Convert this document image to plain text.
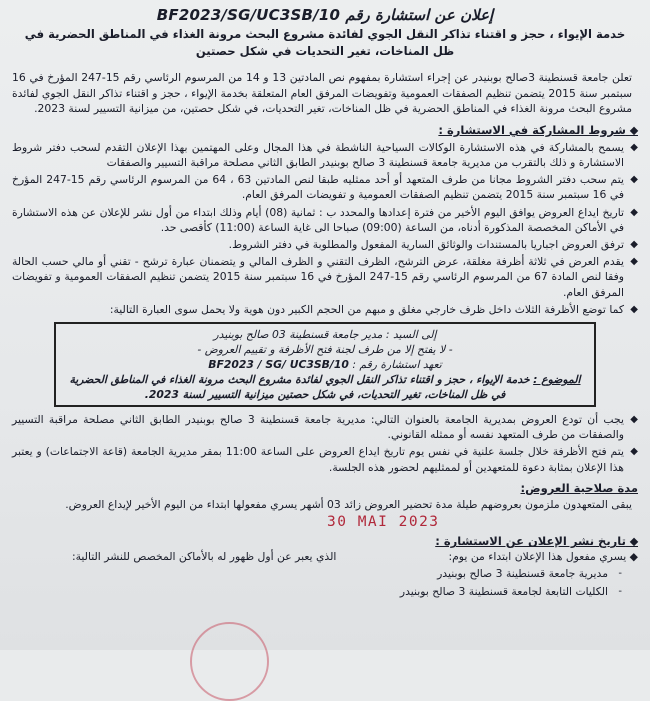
إعلان عن استشارة رقم BF2023/SG/UC3SB/10

خدمة الإيواء ، حجز و اقتناء تذاكر النقل الجوي لفائدة مشروع البحث مرونة الغذاء في المناطق الحضرية في ظل المناخات، تغير التحديات في شكل حصتين

تعلن جامعة قسنطينة 3صالح بوبنيدر عن إجراء استشارة بمفهوم نص المادتين 13 و 14 من المرسوم الرئاسي رقم 15-247 المؤرخ في 16 سبتمبر سنة 2015 يتضمن تنظيم الصفقات العمومية وتفويضات المرفق العام المتعلقة بخدمة الإيواء ، حجز و اقتناء تذاكر النقل الجوي لفائدة مشروع البحث مرونة الغذاء في المناطق الحضرية في ظل المناخات، تغير التحديات، في شكل حصتين، من ميزانية التسيير لسنة 2023.

⬥ شروط المشاركة في الاستشارة :

◆
يسمح بالمشاركة في هذه الاستشارة الوكالات السياحية الناشطة في هذا المجال وعلى المهتمين بهذا الإعلان التقدم لسحب دفتر شروط الاستشارة و ذلك بالتقرب من مديرية جامعة قسنطينة 3 صالح بوبنيدر الطابق الثاني مصلحة مراقبة التسيير والصفقات
◆
يتم سحب دفتر الشروط مجانا من طرف المتعهد أو أحد ممثليه طبقا لنص المادتين 63 ، 64 من المرسوم الرئاسي رقم 15-247 المؤرخ في 16 سبتمبر سنة 2015 يتضمن تنظيم الصفقات العمومية و تفويضات المرفق العام.
◆
تاريخ ايداع العروض يوافق اليوم الأخير من فترة إعدادها والمحدد ب : ثمانية (08) أيام وذلك ابتداء من أول نشر للإعلان عن هذه الاستشارة في الأماكن المخصصة المذكورة أدناه، من الساعة (09:00) صباحا الى غاية الساعة (11:00) كأقصى حد.
◆
ترفق العروض اجباريا بالمستندات والوثائق السارية المفعول والمطلوبة في دفتر الشروط.
◆
يقدم العرض في ثلاثة أظرفة مغلقة، عرض الترشح، الظرف التقني و الظرف المالي و يتضمنان عبارة ترشح - تقني أو مالي حسب الحالة وفقا لنص المادة 67 من المرسوم الرئاسي رقم 15-247 المؤرخ في 16 سبتمبر سنة 2015 يتضمن تنظيم الصفقات العمومية و تفويضات المرفق العام.
◆
كما توضع الأظرفة الثلاث داخل ظرف خارجي مغلق و مبهم من الحجم الكبير دون هوية ولا يحمل سوى العبارة التالية:
إلى السيد : مدير جامعة قسنطينة 03 صالح بوبنيدر
- لا يفتح إلا من طرف لجنة فتح الأظرفة و تقييم العروض -
تعهد استشارة رقم : BF2023 / SG/ UC3SB/10
الموضوع : خدمة الإيواء ، حجز و اقتناء تذاكر النقل الجوي لفائدة مشروع البحث مرونة الغذاء في المناطق الحضرية في ظل المناخات، تغير التحديات، في شكل حصتين ميزانية التسيير لسنة 2023.
◆
يجب أن تودع العروض بمديرية الجامعة بالعنوان التالي: مديرية جامعة قسنطينة 3 صالح بوبنيدر الطابق الثاني مصلحة مراقبة التسيير والصفقات من طرف المتعهد نفسه أو ممثله القانوني.
◆
يتم فتح الأظرفة خلال جلسة علنية في نفس يوم تاريخ ايداع العروض على الساعة 11:00 بمقر مديرية الجامعة (قاعة الاجتماعات) و يعتبر هذا الإعلان بمثابة دعوة للمتعهدين أو لممثليهم لحضور هذه الجلسة.

مدة صلاحية العروض:

يبقى المتعهدون ملزمون بعروضهم طيلة مدة تحضير العروض زائد 03 أشهر يسري مفعولها ابتداء من اليوم الأخير لإيداع العروض.

30 MAI 2023

⬥ تاريخ نشر الإعلان عن الاستشارة :

◆ يسري مفعول هذا الإعلان ابتداء من يوم:
الذي يعبر عن أول ظهور له بالأماكن المخصص للنشر التالية:
-
مديرية جامعة قسنطينة 3 صالح بوبنيدر
-
الكليات التابعة لجامعة قسنطينة 3 صالح بوبنيدر
